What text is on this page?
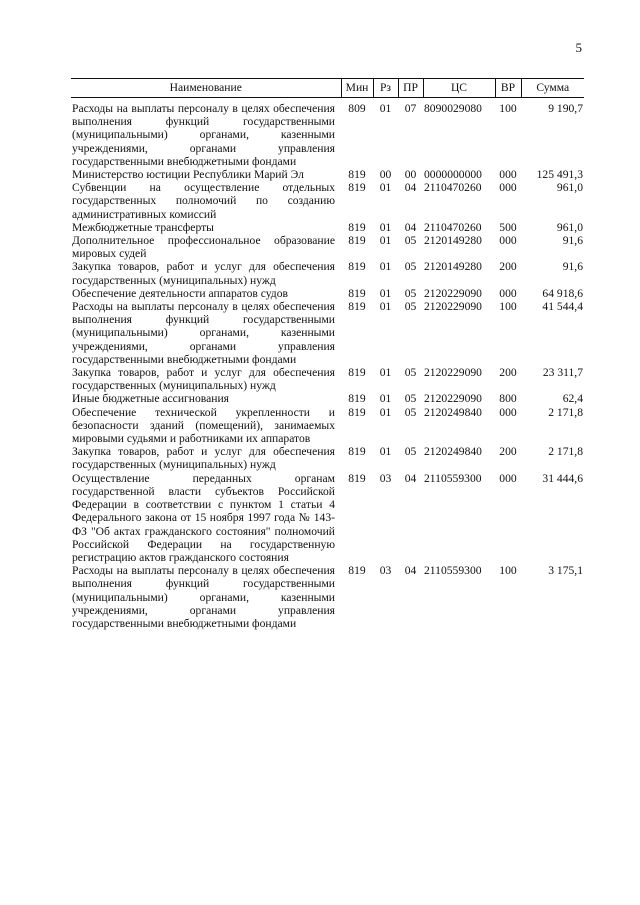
5
Наименование	Мин	Рз	ПР	ЦС	ВР	Сумма
Расходы на выплаты персоналу в целях обеспечения выполнения функций государственными (муниципальными) органами, казенными учреждениями, органами управления государственными внебюджетными фондами	809	01	07	8090029080	100	9 190,7
Министерство юстиции Республики Марий Эл	819	00	00	0000000000	000	125 491,3
Субвенции на осуществление отдельных государственных полномочий по созданию административных комиссий	819	01	04	2110470260	000	961,0
Межбюджетные трансферты	819	01	04	2110470260	500	961,0
Дополнительное профессиональное образование мировых судей	819	01	05	2120149280	000	91,6
Закупка товаров, работ и услуг для обеспечения государственных (муниципальных) нужд	819	01	05	2120149280	200	91,6
Обеспечение деятельности аппаратов судов	819	01	05	2120229090	000	64 918,6
Расходы на выплаты персоналу в целях обеспечения выполнения функций государственными (муниципальными) органами, казенными учреждениями, органами управления государственными внебюджетными фондами	819	01	05	2120229090	100	41 544,4
Закупка товаров, работ и услуг для обеспечения государственных (муниципальных) нужд	819	01	05	2120229090	200	23 311,7
Иные бюджетные ассигнования	819	01	05	2120229090	800	62,4
Обеспечение технической укрепленности и безопасности зданий (помещений), занимаемых мировыми судьями и работниками их аппаратов	819	01	05	2120249840	000	2 171,8
Закупка товаров, работ и услуг для обеспечения государственных (муниципальных) нужд	819	01	05	2120249840	200	2 171,8
Осуществление переданных органам государственной власти субъектов Российской Федерации в соответствии с пунктом 1 статьи 4 Федерального закона от 15 ноября 1997 года № 143-ФЗ "Об актах гражданского состояния" полномочий Российской Федерации на государственную регистрацию актов гражданского состояния	819	03	04	2110559300	000	31 444,6
Расходы на выплаты персоналу в целях обеспечения выполнения функций государственными (муниципальными) органами, казенными учреждениями, органами управления государственными внебюджетными фондами	819	03	04	2110559300	100	3 175,1
